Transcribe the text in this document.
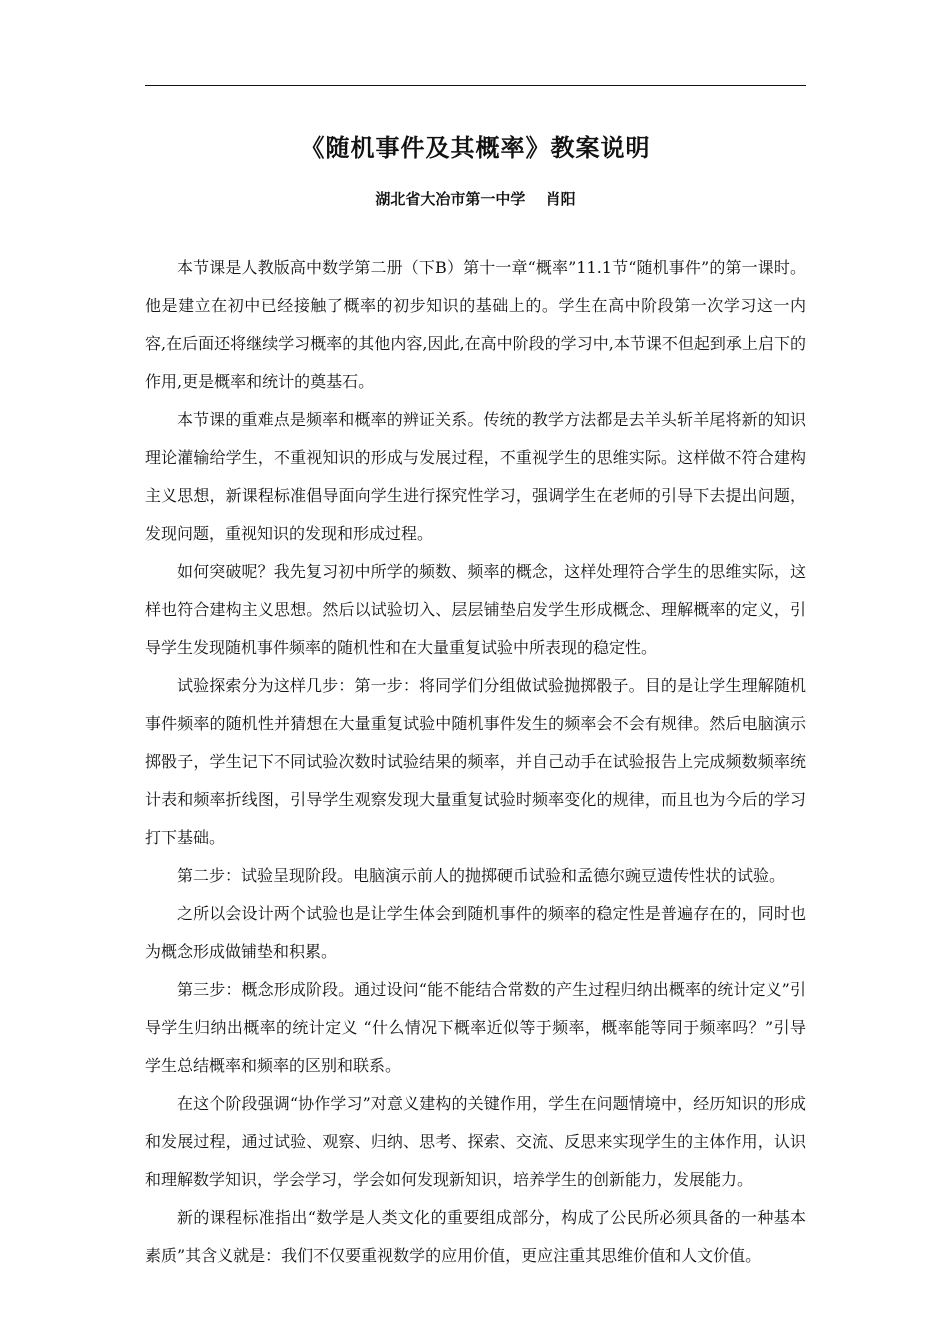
《随机事件及其概率》教案说明
湖北省大冶市第一中学　 肖阳

本节课是人教版高中数学第二册（下B）第十一章“概率”11.1节“随机事件”的第一课时。他是建立在初中已经接触了概率的初步知识的基础上的。学生在高中阶段第一次学习这一内容,在后面还将继续学习概率的其他内容,因此,在高中阶段的学习中,本节课不但起到承上启下的作用,更是概率和统计的奠基石。

本节课的重难点是频率和概率的辨证关系。传统的教学方法都是去羊头斩羊尾将新的知识理论灌输给学生，不重视知识的形成与发展过程，不重视学生的思维实际。这样做不符合建构主义思想，新课程标准倡导面向学生进行探究性学习，强调学生在老师的引导下去提出问题，发现问题，重视知识的发现和形成过程。

如何突破呢？我先复习初中所学的频数、频率的概念，这样处理符合学生的思维实际，这样也符合建构主义思想。然后以试验切入、层层铺垫启发学生形成概念、理解概率的定义，引导学生发现随机事件频率的随机性和在大量重复试验中所表现的稳定性。

试验探索分为这样几步：第一步：将同学们分组做试验抛掷骰子。目的是让学生理解随机事件频率的随机性并猜想在大量重复试验中随机事件发生的频率会不会有规律。然后电脑演示掷骰子，学生记下不同试验次数时试验结果的频率，并自己动手在试验报告上完成频数频率统计表和频率折线图，引导学生观察发现大量重复试验时频率变化的规律，而且也为今后的学习打下基础。

第二步：试验呈现阶段。电脑演示前人的抛掷硬币试验和孟德尔豌豆遗传性状的试验。

之所以会设计两个试验也是让学生体会到随机事件的频率的稳定性是普遍存在的，同时也为概念形成做铺垫和积累。

第三步：概念形成阶段。通过设问“能不能结合常数的产生过程归纳出概率的统计定义”引导学生归纳出概率的统计定义 “什么情况下概率近似等于频率，概率能等同于频率吗？”引导学生总结概率和频率的区别和联系。

在这个阶段强调“协作学习”对意义建构的关键作用，学生在问题情境中，经历知识的形成和发展过程，通过试验、观察、归纳、思考、探索、交流、反思来实现学生的主体作用，认识和理解数学知识，学会学习，学会如何发现新知识，培养学生的创新能力，发展能力。

新的课程标准指出“数学是人类文化的重要组成部分，构成了公民所必须具备的一种基本素质”其含义就是：我们不仅要重视数学的应用价值，更应注重其思维价值和人文价值。
